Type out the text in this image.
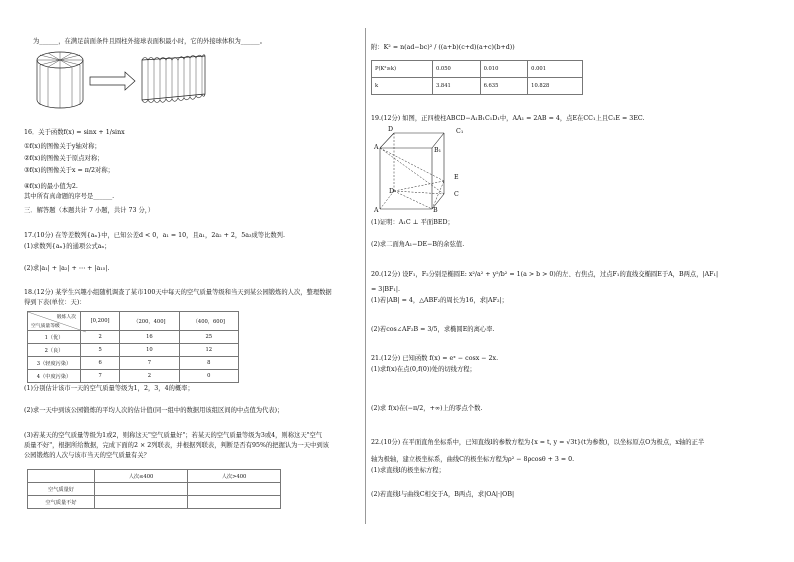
为______，在满足前面条件且圆柱外接球表面积最小时，它的外接球体积为______。
16．关于函数f(x) = sinx + 1/sinx
①f(x)的图像关于y轴对称；
②f(x)的图像关于原点对称；
③f(x)的图像关于x = π/2对称；
④f(x)的最小值为2.
其中所有真命题的序号是______.
三．解答题（本题共计 7 小题，共计 73 分，）
17.(10分) 在等差数列{aₙ}中，已知公差d < 0，a₁ = 10，且a₁，2a₂ + 2，5a₃成等比数列.
(1)求数列{aₙ}的通项公式aₙ；
(2)求|a₁| + |a₂| + ⋯ + |a₁₅|.
18.(12分) 某学生兴趣小组随机调查了某市100天中每天的空气质量等级和当天到某公园锻炼的人次，整理数据
得到下表(单位：天)：
锻炼人次
空气质量等级	[0,200]	（200，400]	（400，600]
1（优）	2	16	25
2（良）	5	10	12
3（轻度污染）	6	7	8
4（中度污染）	7	2	0
(1)分别估计该市一天的空气质量等级为1，2，3，4的概率；
(2)求一天中到该公园锻炼的平均人次的估计值(同一组中的数据用该组区间的中点值为代表)；
(3)若某天的空气质量等级为1或2，则称这天"空气质量好"；若某天的空气质量等级为3或4，则称这天"空气
质量不好"，根据所给数据，完成下面的2 × 2列联表，并根据列联表，判断是否有95%的把握认为一天中到该
公园锻炼的人次与该市当天的空气质量有关？
	人次≤400	人次>400
空气质量好		
空气质量不好		
附：K² = n(ad−bc)² / ((a+b)(c+d)(a+c)(b+d))
P(K²≥k)	0.050	0.010	0.001
k	3.841	6.635	10.828
19.(12分) 如图，正四棱柱ABCD−A₁B₁C₁D₁中，AA₁ = 2AB = 4，点E在CC₁上且C₁E = 3EC.
D	C₁
A	B₁
E
D	C
A	B
(1)证明：A₁C ⊥ 平面BED；
(2)求二面角A₁−DE−B的余弦值.
20.(12分) 设F₁，F₂分别是椭圆E: x²/a² + y²/b² = 1(a > b > 0)的左、右焦点，过点F₁的直线交椭圆E于A，B两点，|AF₁|
= 3|BF₁|.
(1)若|AB| = 4，△ABF₂的周长为16，求|AF₂|；
(2)若cos∠AF₂B = 3/5，求椭圆E的离心率.
21.(12分) 已知函数 f(x) = eˣ − cosx − 2x.
(1)求f(x)在点(0,f(0))处的切线方程；
(2)求 f(x)在(−π/2，+∞)上的零点个数.
22.(10分) 在平面直角坐标系中，已知直线l的参数方程为{x = t, y = √3t}(t为参数)，以坐标原点O为极点，x轴的正半
轴为极轴，建立极坐标系，曲线C的极坐标方程为ρ² − 8ρcosθ + 3 = 0.
(1)求直线l的极坐标方程；
(2)若直线l与曲线C相交于A，B两点，求|OA|·|OB|
